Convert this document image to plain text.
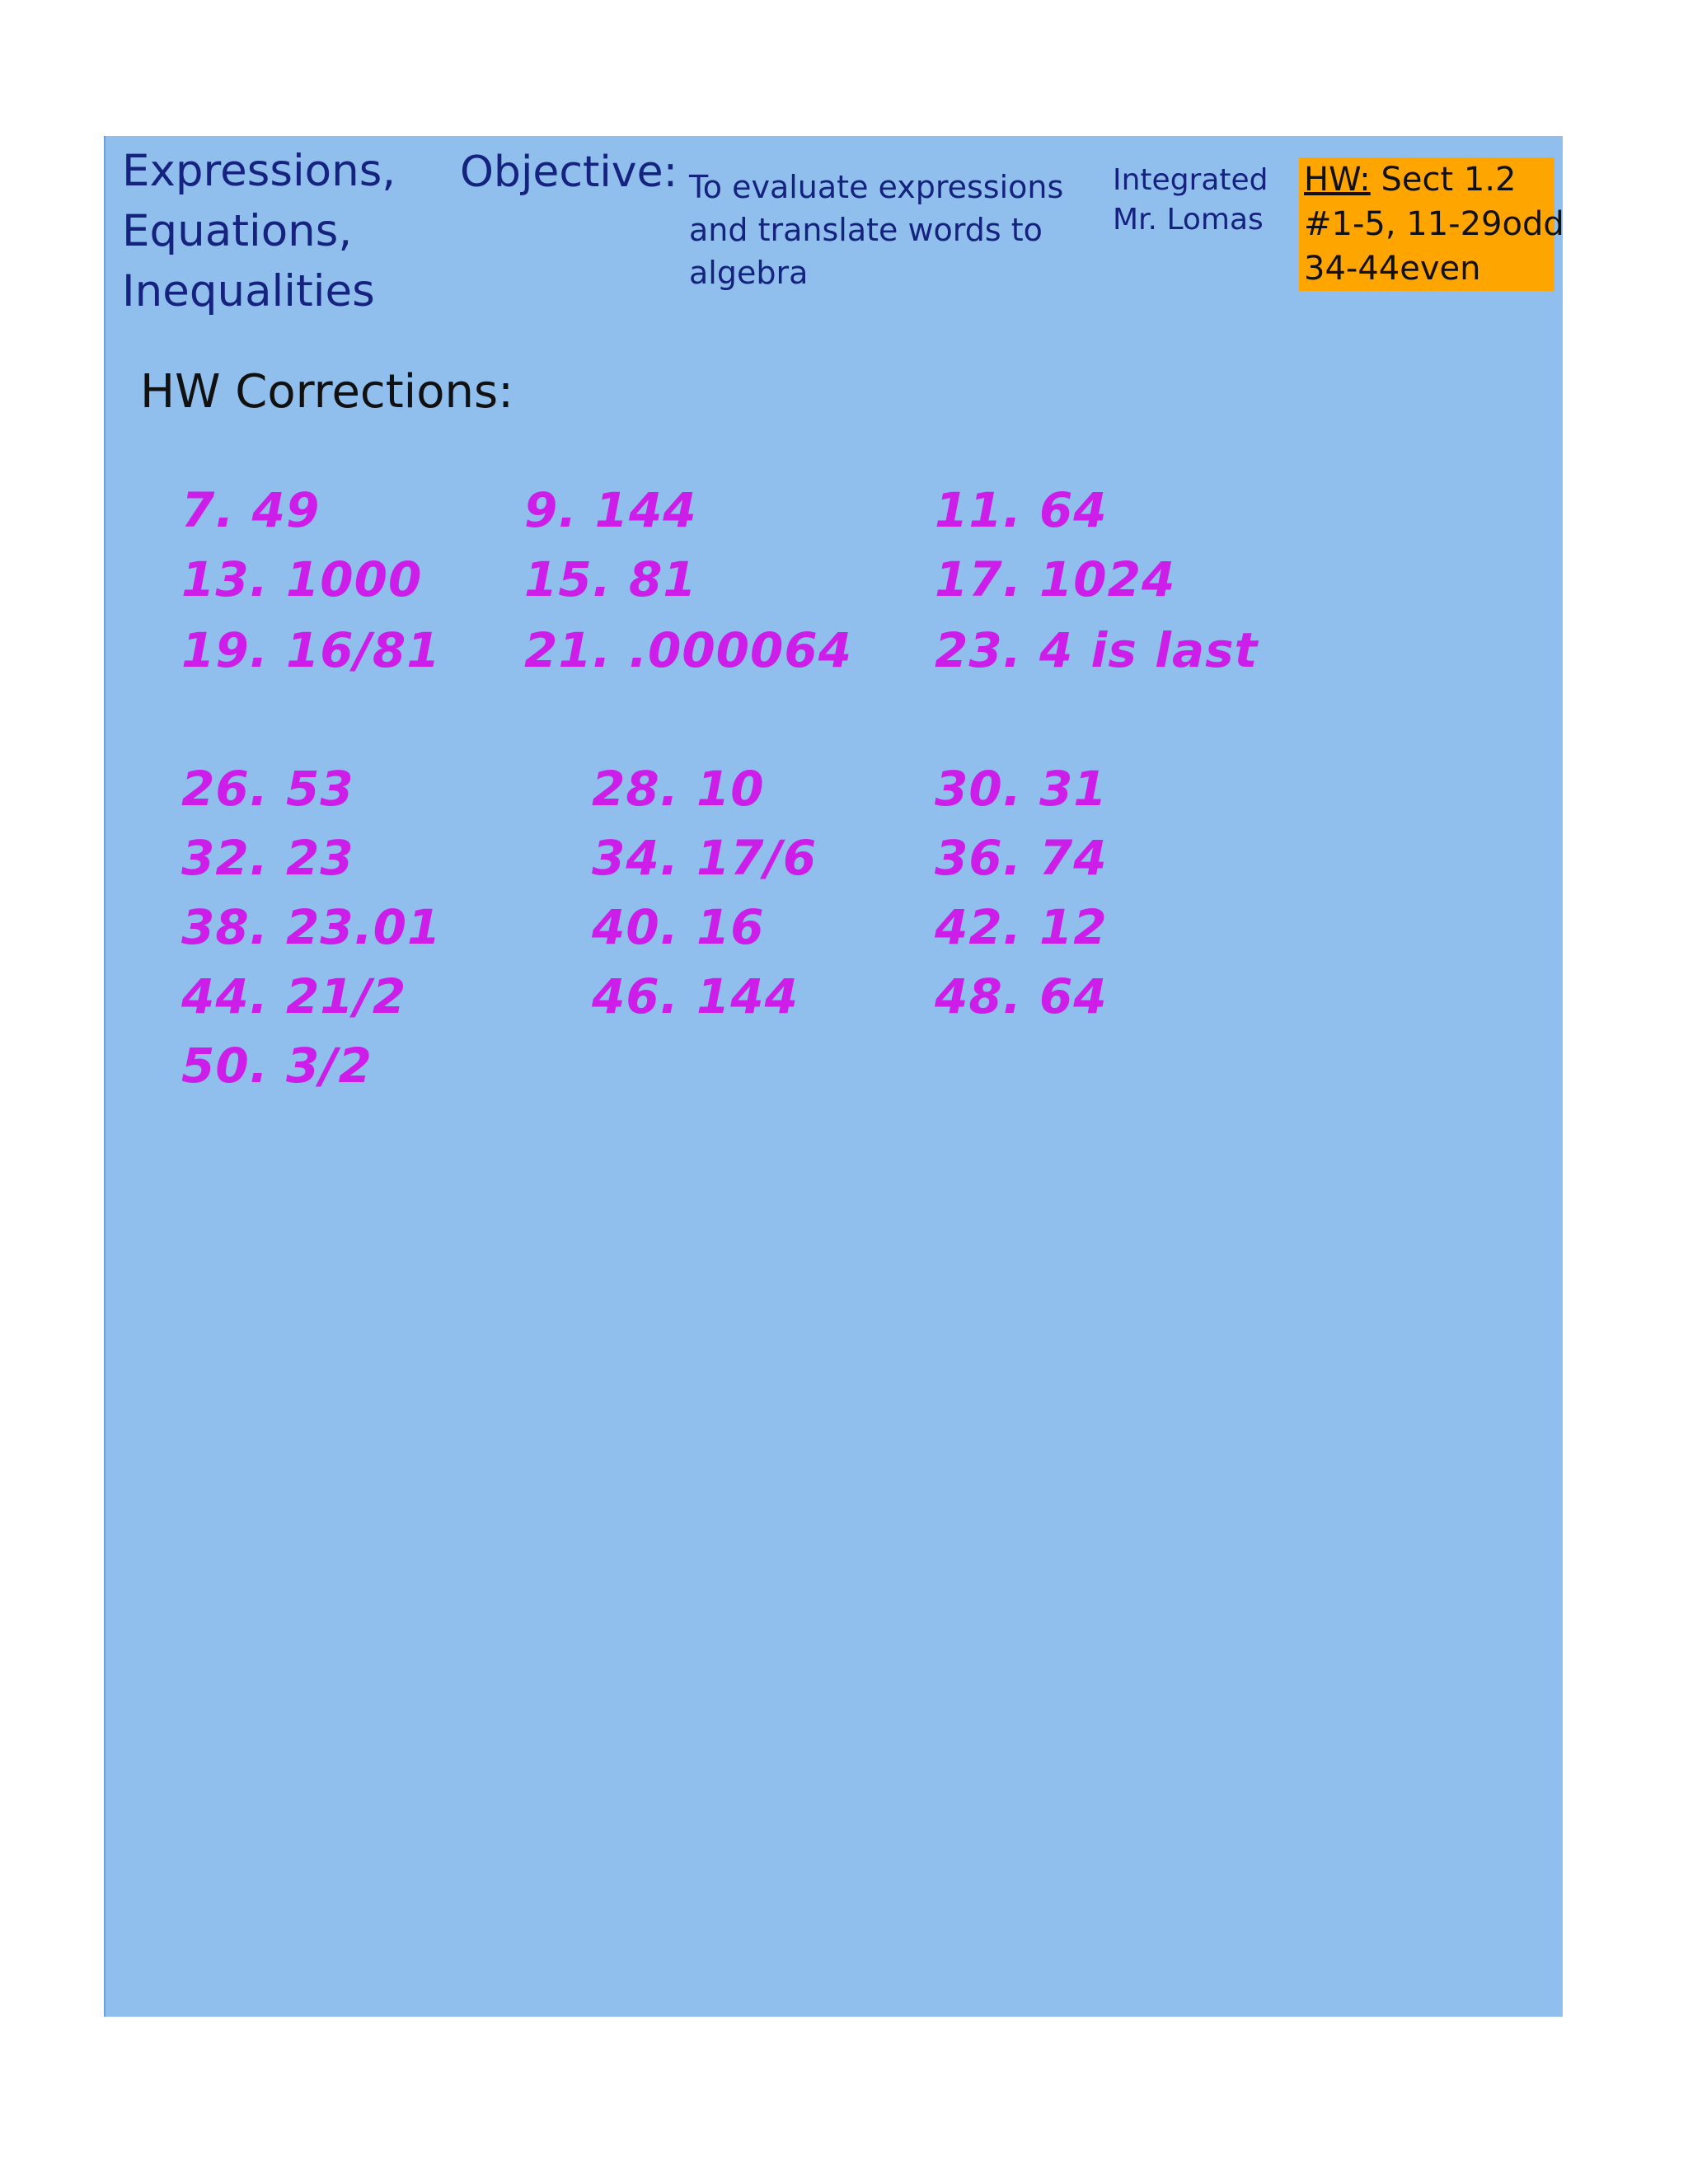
Expressions,
Equations,
Inequalities
Objective: To evaluate expressions and translate words to algebra
Integrated
Mr. Lomas
HW: Sect 1.2
#1-5, 11-29odd
34-44even
HW Corrections:
7. 49	9. 144	11. 64
13. 1000 15. 81	17. 1024
19. 16/81 21. .000064 23. 4 is last
26. 53	28. 10	30. 31
32. 23	34. 17/6 36. 74
38. 23.01	40. 16	42. 12
44. 21/2	46. 144	48. 64
50. 3/2
